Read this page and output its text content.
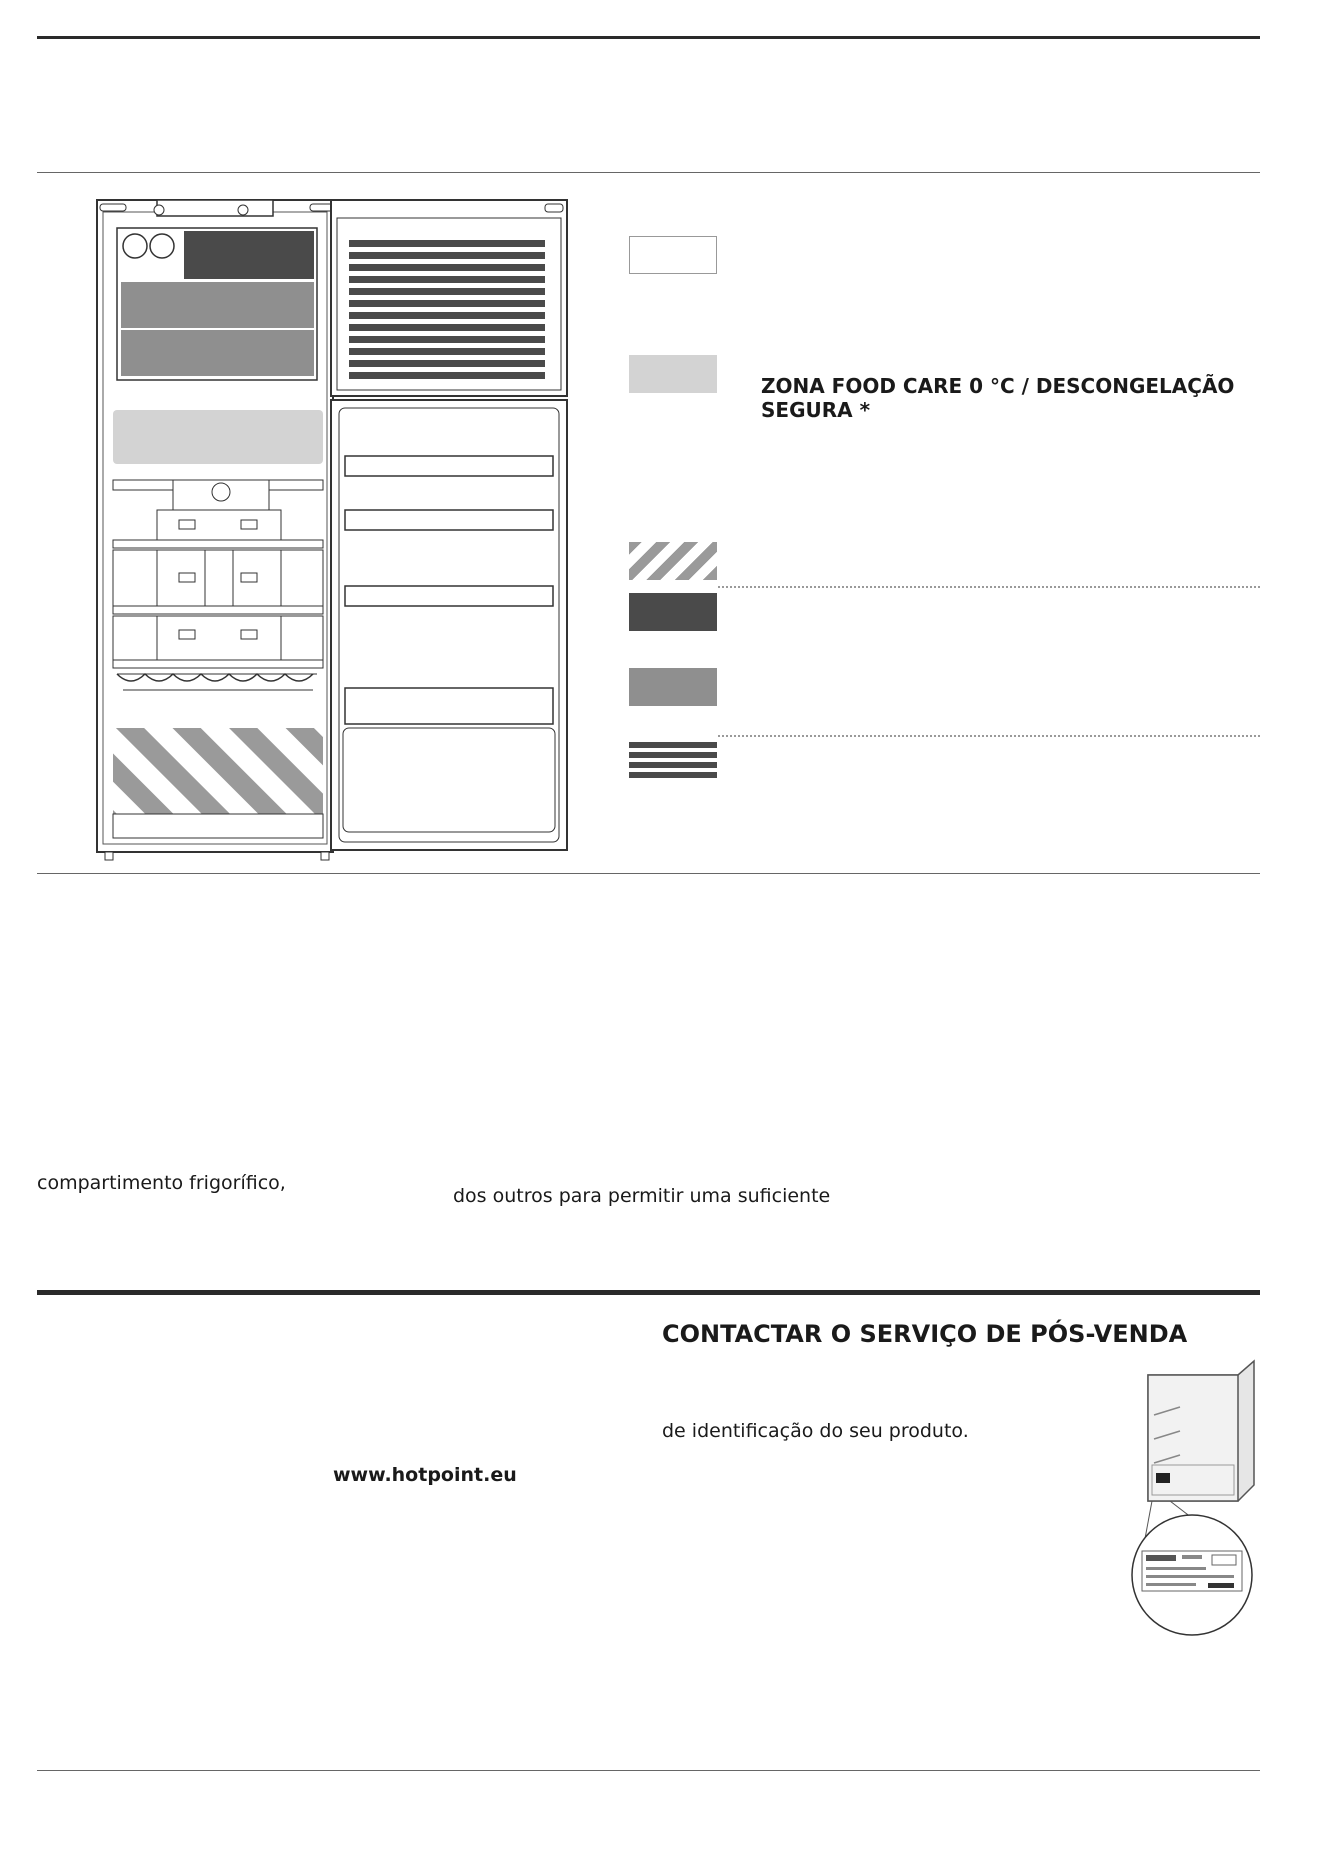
ZONA FOOD CARE 0 °C / DESCONGELAÇÃO SEGURA *
compartimento frigorífico,
dos outros para permitir uma suficiente
CONTACTAR O SERVIÇO DE PÓS-VENDA
de identificação do seu produto.
www.hotpoint.eu
